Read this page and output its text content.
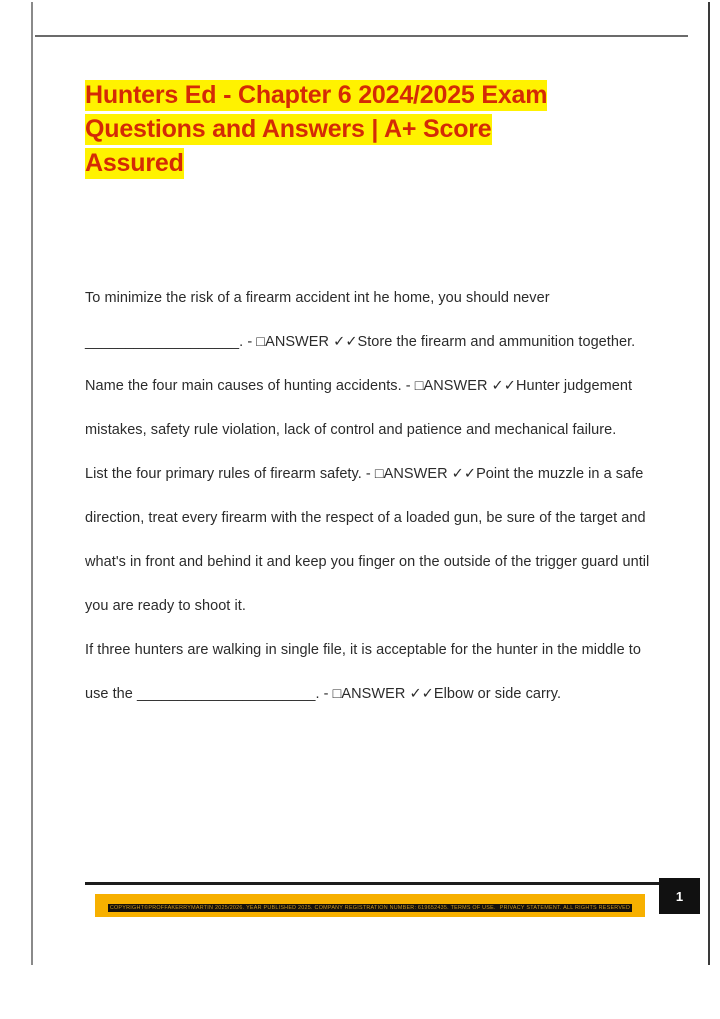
Hunters Ed - Chapter 6 2024/2025 Exam
Questions and Answers | A+ Score
Assured

To minimize the risk of a firearm accident int he home, you should never ___________________. - □ANSWER ✓✓Store the firearm and ammunition together.

Name the four main causes of hunting accidents. - □ANSWER ✓✓Hunter judgement mistakes, safety rule violation, lack of control and patience and mechanical failure.

List the four primary rules of firearm safety. - □ANSWER ✓✓Point the muzzle in a safe direction, treat every firearm with the respect of a loaded gun, be sure of the target and what's in front and behind it and keep you finger on the outside of the trigger guard until you are ready to shoot it.

If three hunters are walking in single file, it is acceptable for the hunter in the middle to use the ______________________. - □ANSWER ✓✓Elbow or side carry.

1
COPYRIGHT©PROFFAKERRYMARTIN 2025/2026. YEAR PUBLISHED 2025. COMPANY REGISTRATION NUMBER: 619652435. TERMS OF USE. PRIVACY STATEMENT. ALL RIGHTS RESERVED
